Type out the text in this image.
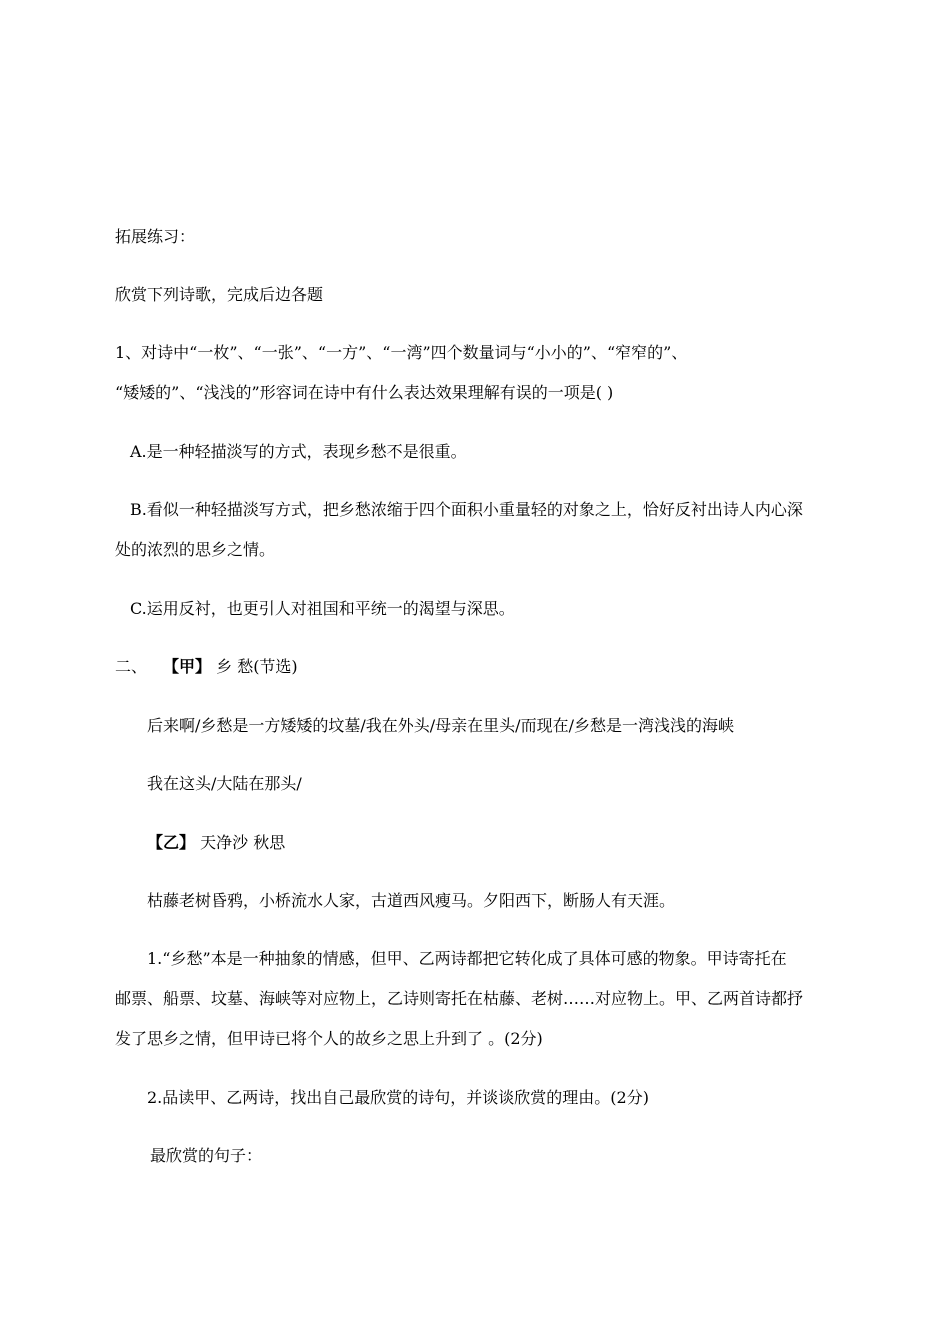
拓展练习：
欣赏下列诗歌，完成后边各题
1、对诗中“一枚”、“一张”、“一方”、“一湾”四个数量词与“小小的”、“窄窄的”、
“矮矮的”、“浅浅的”形容词在诗中有什么表达效果理解有误的一项是( )
A.是一种轻描淡写的方式，表现乡愁不是很重。
B.看似一种轻描淡写方式，把乡愁浓缩于四个面积小重量轻的对象之上，恰好反衬出诗人内心深
处的浓烈的思乡之情。
C.运用反衬，也更引人对祖国和平统一的渴望与深思。
二、 【甲】 乡 愁(节选)
后来啊/乡愁是一方矮矮的坟墓/我在外头/母亲在里头/而现在/乡愁是一湾浅浅的海峡
我在这头/大陆在那头/
【乙】 天净沙 秋思
枯藤老树昏鸦，小桥流水人家，古道西风瘦马。夕阳西下，断肠人有天涯。
1.“乡愁”本是一种抽象的情感，但甲、乙两诗都把它转化成了具体可感的物象。甲诗寄托在
邮票、船票、坟墓、海峡等对应物上，乙诗则寄托在枯藤、老树……对应物上。甲、乙两首诗都抒
发了思乡之情，但甲诗已将个人的故乡之思上升到了 。(2分)
2.品读甲、乙两诗，找出自己最欣赏的诗句，并谈谈欣赏的理由。(2分)
最欣赏的句子：
